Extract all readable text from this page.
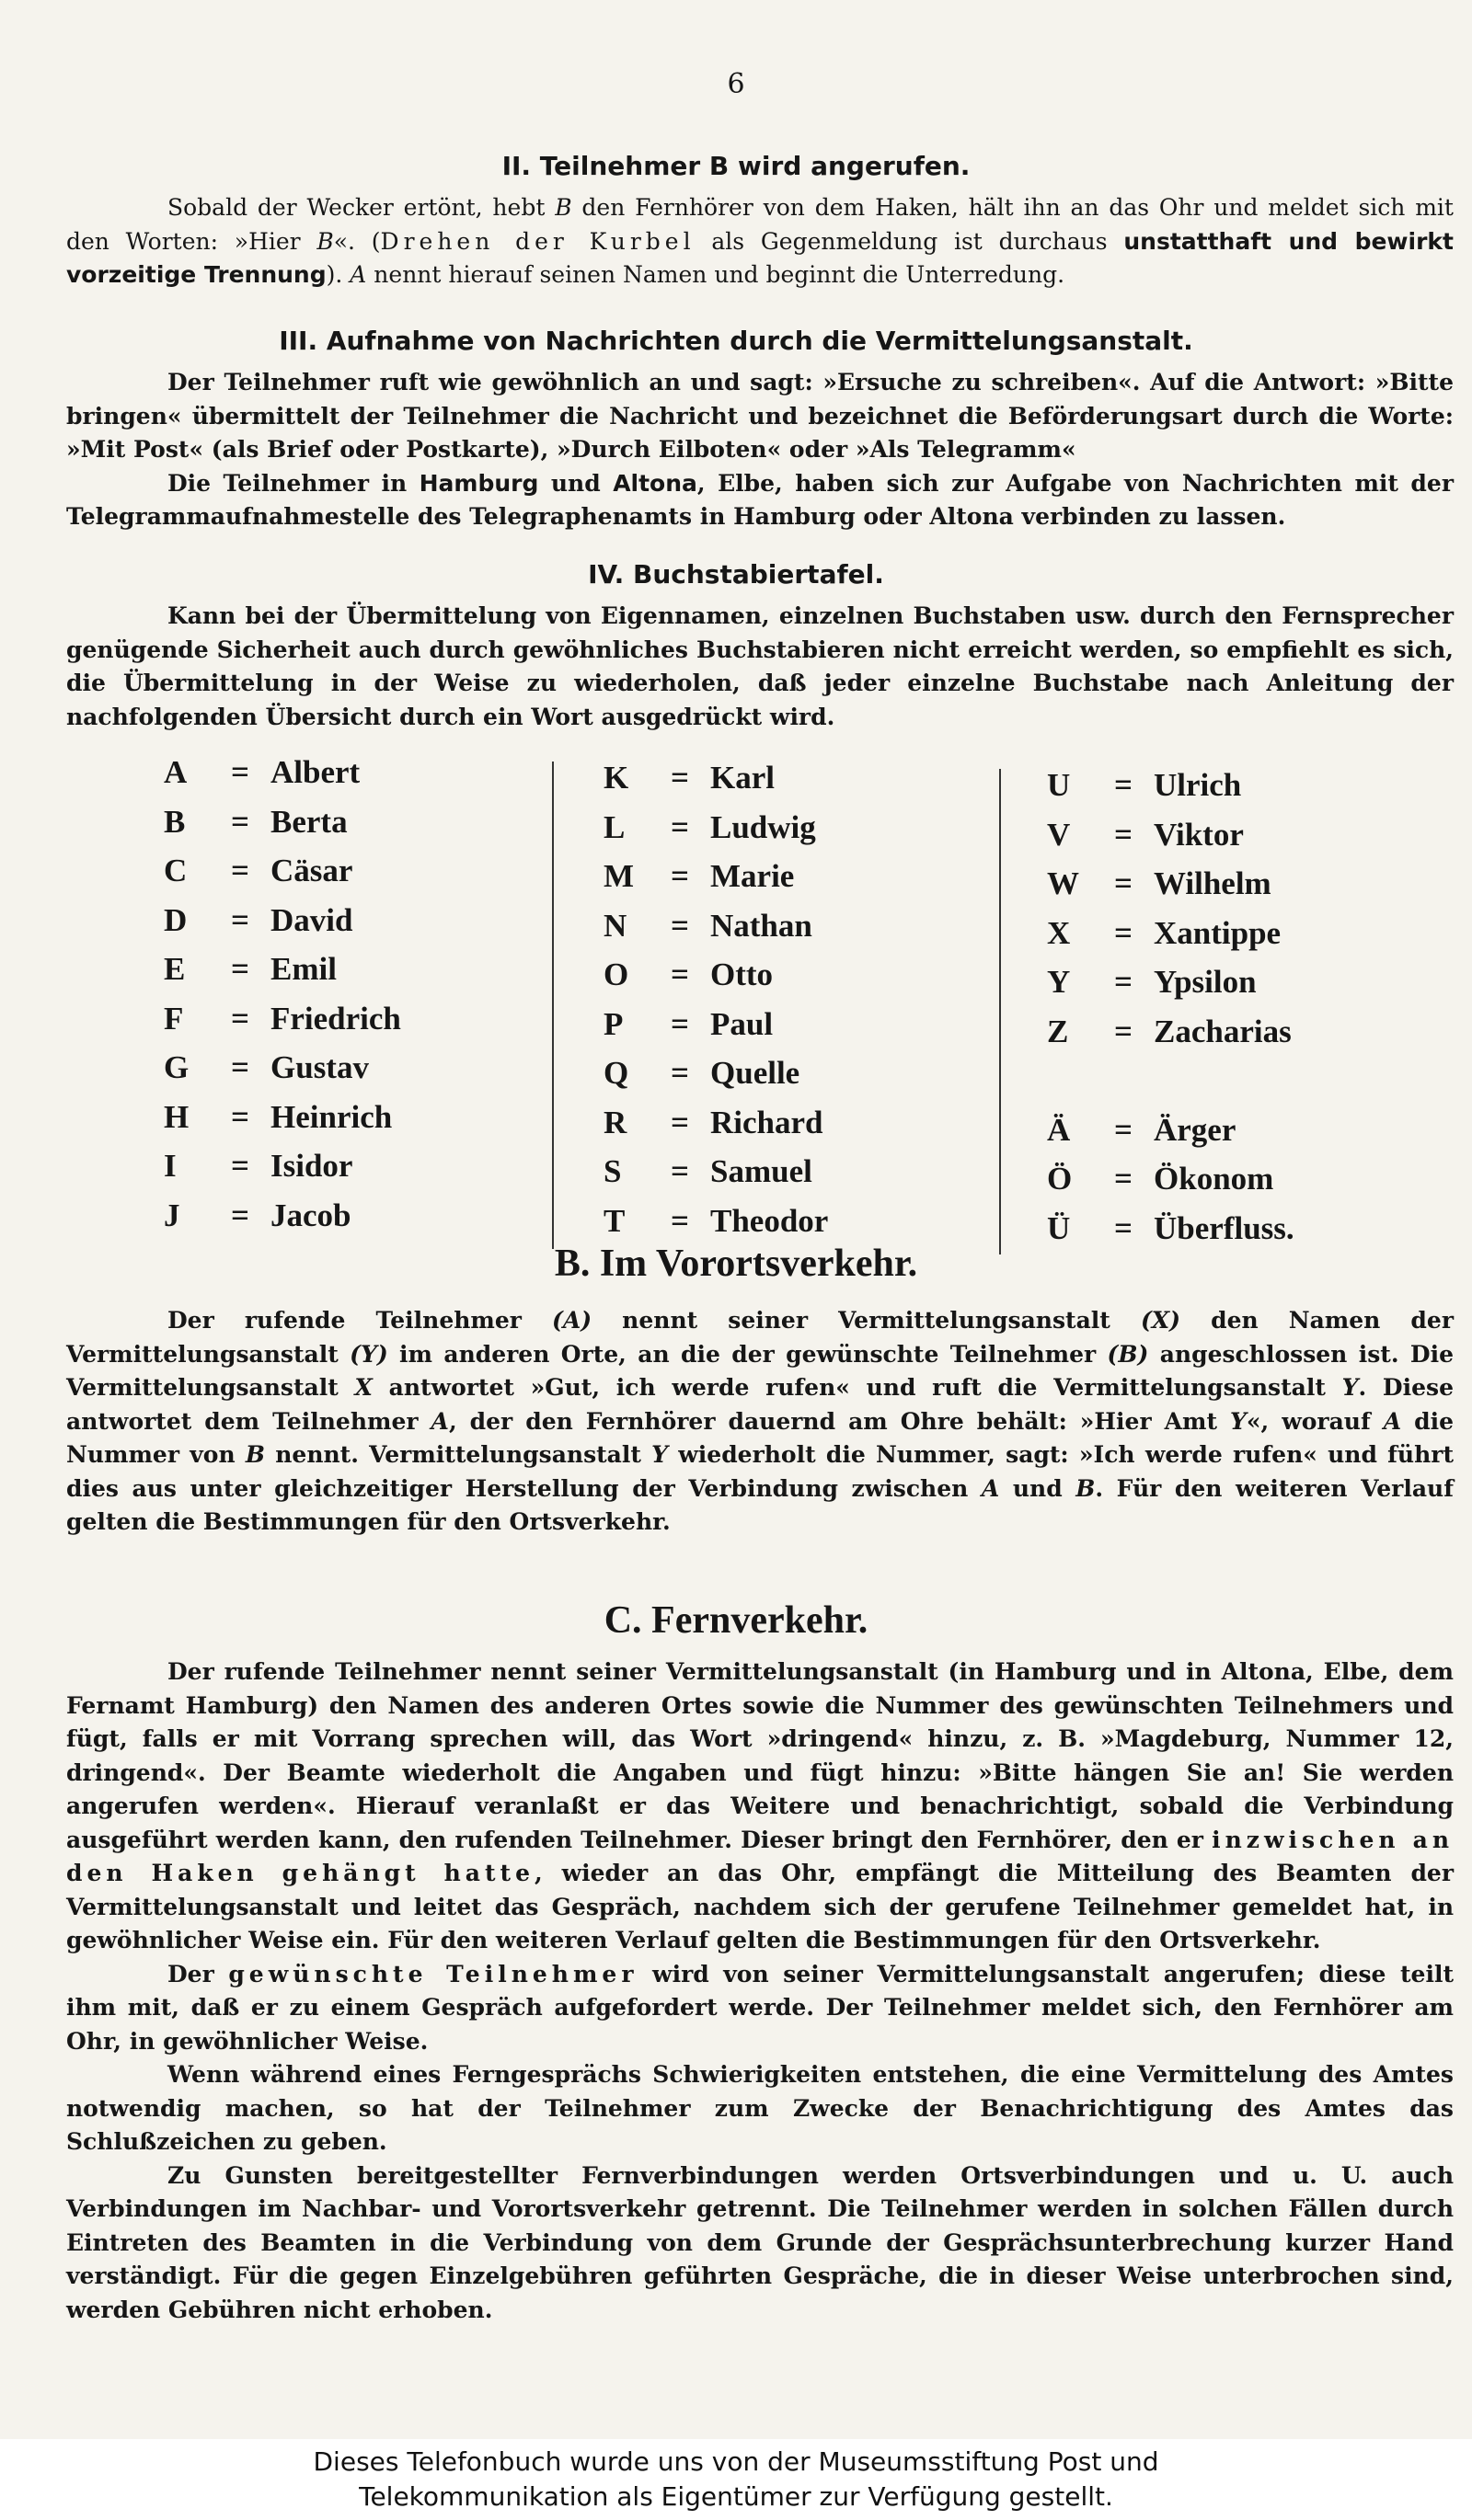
6
II. Teilnehmer B wird angerufen.

Sobald der Wecker ertönt, hebt B den Fernhörer von dem Haken, hält ihn an das Ohr und meldet sich mit den Worten: »Hier B«. (Drehen der Kurbel als Gegenmeldung ist durchaus unstatthaft und bewirkt vorzeitige Trennung). A nennt hierauf seinen Namen und beginnt die Unterredung.

III. Aufnahme von Nachrichten durch die Vermittelungsanstalt.

Der Teilnehmer ruft wie gewöhnlich an und sagt: »Ersuche zu schreiben«. Auf die Antwort: »Bitte bringen« übermittelt der Teilnehmer die Nachricht und bezeichnet die Beförderungsart durch die Worte: »Mit Post« (als Brief oder Postkarte), »Durch Eilboten« oder »Als Telegramm«

Die Teilnehmer in Hamburg und Altona, Elbe, haben sich zur Aufgabe von Nachrichten mit der Telegrammaufnahmestelle des Telegraphenamts in Hamburg oder Altona verbinden zu lassen.

IV. Buchstabiertafel.

Kann bei der Übermittelung von Eigennamen, einzelnen Buchstaben usw. durch den Fernsprecher genügende Sicherheit auch durch gewöhnliches Buchstabieren nicht erreicht werden, so empfiehlt es sich, die Übermittelung in der Weise zu wiederholen, daß jeder einzelne Buchstabe nach Anleitung der nachfolgenden Übersicht durch ein Wort ausgedrückt wird.

A = Albert
B = Berta
C = Cäsar
D = David
E = Emil
F = Friedrich
G = Gustav
H = Heinrich
I = Isidor
J = Jacob
K = Karl
L = Ludwig
M = Marie
N = Nathan
O = Otto
P = Paul
Q = Quelle
R = Richard
S = Samuel
T = Theodor
U = Ulrich
V = Viktor
W = Wilhelm
X = Xantippe
Y = Ypsilon
Z = Zacharias
Ä = Ärger
Ö = Ökonom
Ü = Überfluss.
B. Im Vorortsverkehr.

Der rufende Teilnehmer (A) nennt seiner Vermittelungsanstalt (X) den Namen der Vermittelungsanstalt (Y) im anderen Orte, an die der gewünschte Teilnehmer (B) angeschlossen ist. Die Vermittelungsanstalt X antwortet »Gut, ich werde rufen« und ruft die Vermittelungsanstalt Y. Diese antwortet dem Teilnehmer A, der den Fernhörer dauernd am Ohre behält: »Hier Amt Y«, worauf A die Nummer von B nennt. Vermittelungsanstalt Y wiederholt die Nummer, sagt: »Ich werde rufen« und führt dies aus unter gleichzeitiger Herstellung der Verbindung zwischen A und B. Für den weiteren Verlauf gelten die Bestimmungen für den Ortsverkehr.

C. Fernverkehr.

Der rufende Teilnehmer nennt seiner Vermittelungsanstalt (in Hamburg und in Altona, Elbe, dem Fernamt Hamburg) den Namen des anderen Ortes sowie die Nummer des gewünschten Teilnehmers und fügt, falls er mit Vorrang sprechen will, das Wort »dringend« hinzu, z. B. »Magdeburg, Nummer 12, dringend«. Der Beamte wiederholt die Angaben und fügt hinzu: »Bitte hängen Sie an! Sie werden angerufen werden«. Hierauf veranlaßt er das Weitere und benachrichtigt, sobald die Verbindung ausgeführt werden kann, den rufenden Teilnehmer. Dieser bringt den Fernhörer, den er inzwischen an den Haken gehängt hatte, wieder an das Ohr, empfängt die Mitteilung des Beamten der Vermittelungsanstalt und leitet das Gespräch, nachdem sich der gerufene Teilnehmer gemeldet hat, in gewöhnlicher Weise ein. Für den weiteren Verlauf gelten die Bestimmungen für den Ortsverkehr.

Der gewünschte Teilnehmer wird von seiner Vermittelungsanstalt angerufen; diese teilt ihm mit, daß er zu einem Gespräch aufgefordert werde. Der Teilnehmer meldet sich, den Fernhörer am Ohr, in gewöhnlicher Weise.

Wenn während eines Ferngesprächs Schwierigkeiten entstehen, die eine Vermittelung des Amtes notwendig machen, so hat der Teilnehmer zum Zwecke der Benachrichtigung des Amtes das Schlußzeichen zu geben.

Zu Gunsten bereitgestellter Fernverbindungen werden Ortsverbindungen und u. U. auch Verbindungen im Nachbar- und Vorortsverkehr getrennt. Die Teilnehmer werden in solchen Fällen durch Eintreten des Beamten in die Verbindung von dem Grunde der Gesprächsunterbrechung kurzer Hand verständigt. Für die gegen Einzelgebühren geführten Gespräche, die in dieser Weise unterbrochen sind, werden Gebühren nicht erhoben.

Dieses Telefonbuch wurde uns von der Museumsstiftung Post und
Telekommunikation als Eigentümer zur Verfügung gestellt.
